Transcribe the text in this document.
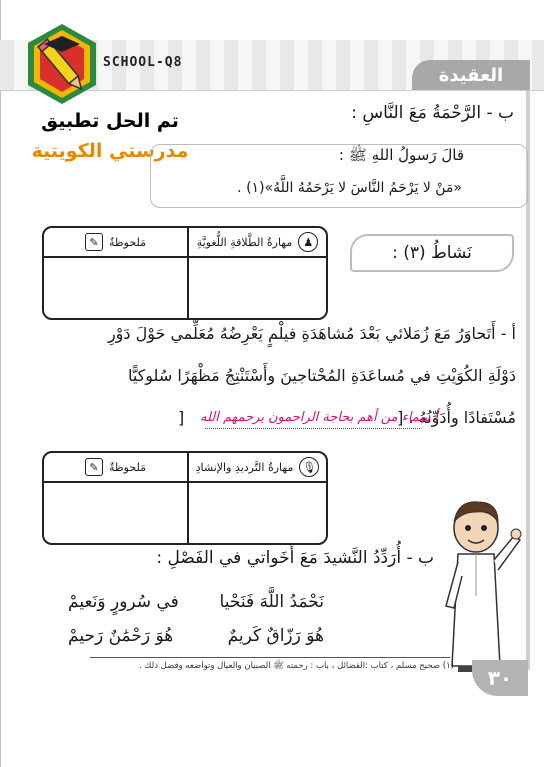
العقيدة
SCHOOL-Q8
تم الحل تطبيق
مدرستي الكويتية
ب - الرَّحْمَةُ مَعَ النَّاسِ :
قالَ رَسولُ اللهِ ﷺ :
«مَنْ لا يَرْحَمُ النَّاسَ لا يَرْحَمُهُ اللَّهُ»(١) .
♟
مهارةُ الطَّلاقةِ اللُّغويَّةِ
مَلحوظةٌ
✎
نَشاطُ (٣) :
أ - أَتَحاوَرُ مَعَ زُمَلائي بَعْدَ مُشاهَدَةِ فيلْمٍ يَعْرِضُهُ مُعَلِّمي حَوْلَ دَوْرِ
دَوْلَةِ الكُوَيْتِ في مُساعَدَةِ المُحْتاجينَ وأَسْتَنْتِجُ مَظْهَرًا سُلوكيًّا
مُسْتَفادًا وأُدَوِّنُهُ . [
أ سماء من أهم بحاجة الراحمون يرحمهم الله
]
🎙
مهارةُ التَّرديدِ والإنشادِ
مَلحوظةٌ
✎
ب - أُرَدِّدُ النَّشيدَ مَعَ أَخَواتي في الفَصْلِ :
نَحْمَدُ اللَّهَ فَنَحْيا
في سُرورٍ وَنَعيمْ
هُوَ رَزّاقٌ كَريمٌ
هُوَ رَحْمَٰنٌ رَحيمْ
(١) صحيح مسلم ، كتاب :الفضائل ، باب : رحمته ﷺ الصبيان والعيال وتواضعه وفضل ذلك .	٣٠
